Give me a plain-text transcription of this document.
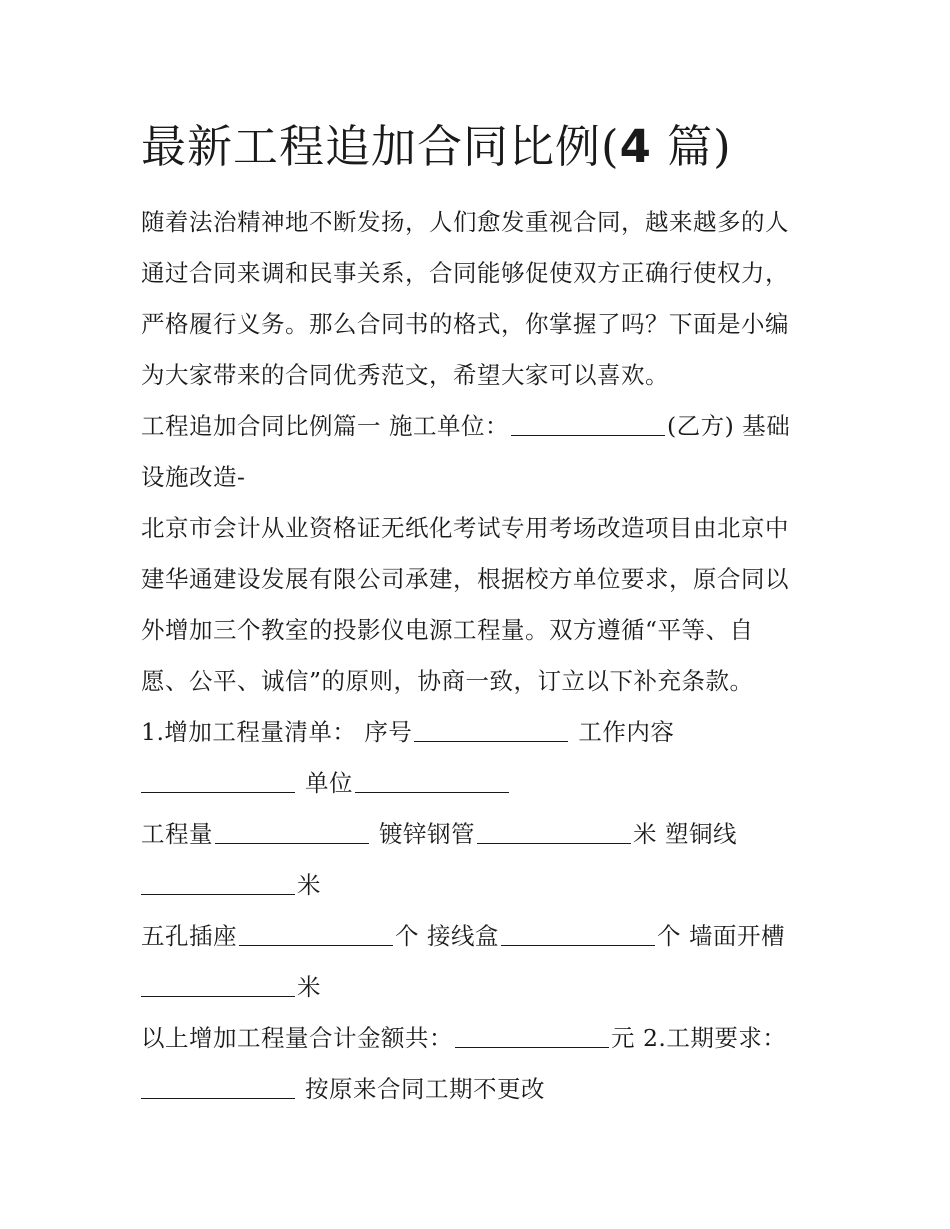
最新工程追加合同比例(4 篇)
随着法治精神地不断发扬，人们愈发重视合同，越来越多的人
通过合同来调和民事关系，合同能够促使双方正确行使权力，
严格履行义务。那么合同书的格式，你掌握了吗？下面是小编
为大家带来的合同优秀范文，希望大家可以喜欢。
工程追加合同比例篇一 施工单位：	(乙方) 基础
设施改造-
北京市会计从业资格证无纸化考试专用考场改造项目由北京中
建华通建设发展有限公司承建，根据校方单位要求，原合同以
外增加三个教室的投影仪电源工程量。双方遵循“平等、自
愿、公平、诚信”的原则，协商一致，订立以下补充条款。
1.增加工程量清单： 序号	工作内容
单位
工程量	镀锌钢管	米 塑铜线
米
五孔插座	个 接线盒	个 墙面开槽
米
以上增加工程量合计金额共：	元 2.工期要求：
按原来合同工期不更改
